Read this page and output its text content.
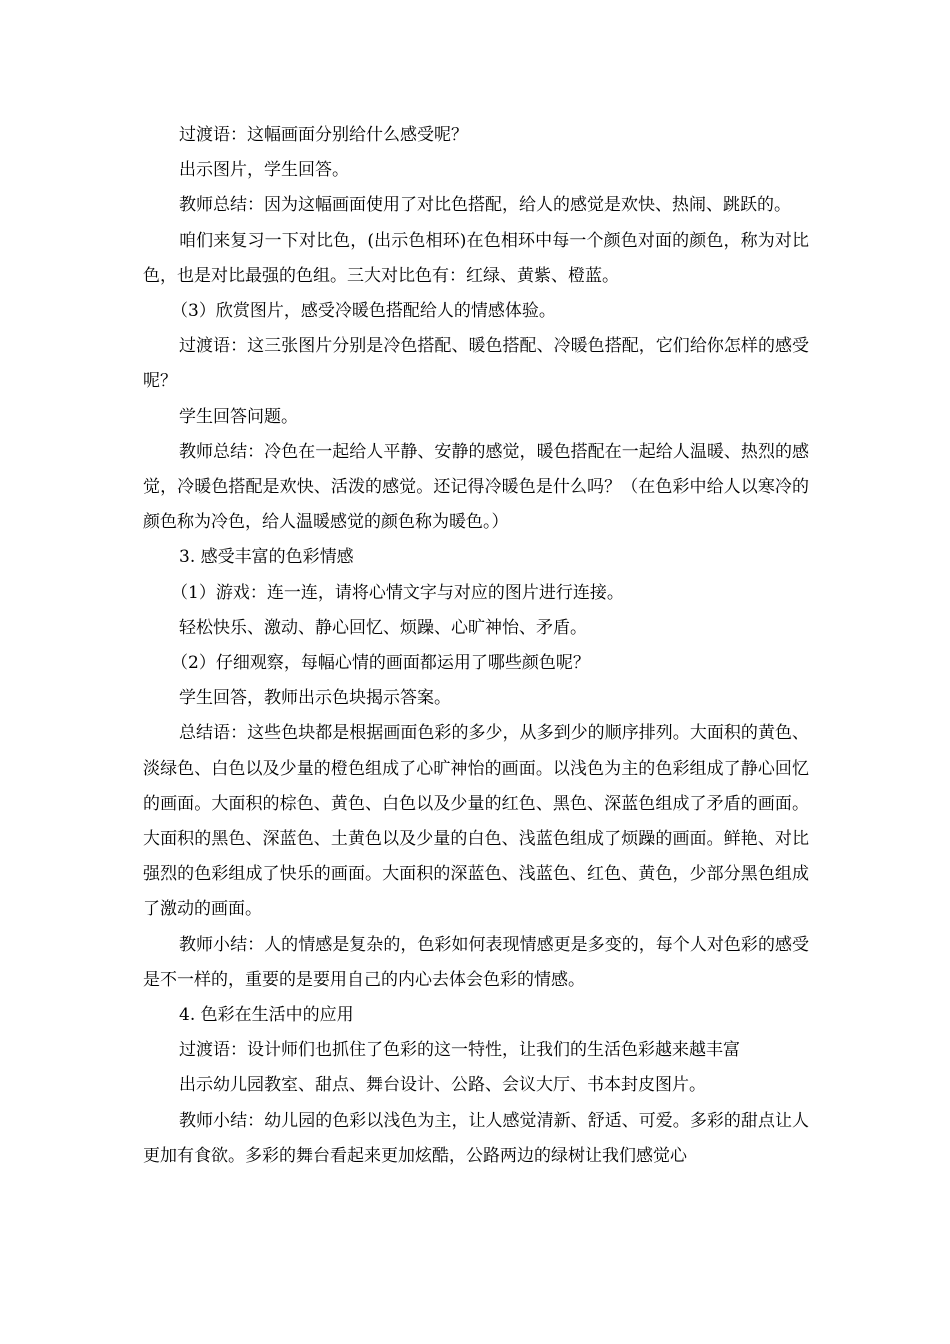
过渡语：这幅画面分别给什么感受呢？

出示图片，学生回答。

教师总结：因为这幅画面使用了对比色搭配，给人的感觉是欢快、热闹、跳跃的。

咱们来复习一下对比色，(出示色相环)在色相环中每一个颜色对面的颜色，称为对比色，也是对比最强的色组。三大对比色有：红绿、黄紫、橙蓝。

（3）欣赏图片，感受冷暖色搭配给人的情感体验。

过渡语：这三张图片分别是冷色搭配、暖色搭配、冷暖色搭配，它们给你怎样的感受呢？

学生回答问题。

教师总结：冷色在一起给人平静、安静的感觉，暖色搭配在一起给人温暖、热烈的感觉，冷暖色搭配是欢快、活泼的感觉。还记得冷暖色是什么吗？（在色彩中给人以寒冷的颜色称为冷色，给人温暖感觉的颜色称为暖色。）

3. 感受丰富的色彩情感

（1）游戏：连一连，请将心情文字与对应的图片进行连接。

轻松快乐、激动、静心回忆、烦躁、心旷神怡、矛盾。

（2）仔细观察，每幅心情的画面都运用了哪些颜色呢？

学生回答，教师出示色块揭示答案。

总结语：这些色块都是根据画面色彩的多少，从多到少的顺序排列。大面积的黄色、淡绿色、白色以及少量的橙色组成了心旷神怡的画面。以浅色为主的色彩组成了静心回忆的画面。大面积的棕色、黄色、白色以及少量的红色、黑色、深蓝色组成了矛盾的画面。大面积的黑色、深蓝色、土黄色以及少量的白色、浅蓝色组成了烦躁的画面。鲜艳、对比强烈的色彩组成了快乐的画面。大面积的深蓝色、浅蓝色、红色、黄色，少部分黑色组成了激动的画面。

教师小结：人的情感是复杂的，色彩如何表现情感更是多变的，每个人对色彩的感受是不一样的，重要的是要用自己的内心去体会色彩的情感。

4. 色彩在生活中的应用

过渡语：设计师们也抓住了色彩的这一特性，让我们的生活色彩越来越丰富

出示幼儿园教室、甜点、舞台设计、公路、会议大厅、书本封皮图片。

教师小结：幼儿园的色彩以浅色为主，让人感觉清新、舒适、可爱。多彩的甜点让人更加有食欲。多彩的舞台看起来更加炫酷，公路两边的绿树让我们感觉心
